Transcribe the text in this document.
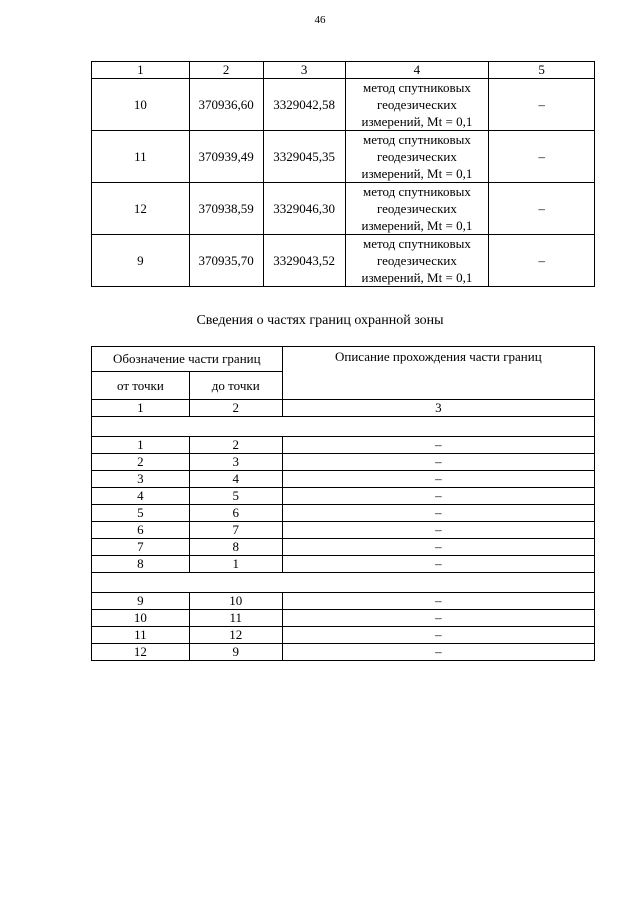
46
1	2	3	4	5
10	370936,60	3329042,58	метод спутниковых геодезических измерений, Mt = 0,1	–
11	370939,49	3329045,35	метод спутниковых геодезических измерений, Mt = 0,1	–
12	370938,59	3329046,30	метод спутниковых геодезических измерений, Mt = 0,1	–
9	370935,70	3329043,52	метод спутниковых геодезических измерений, Mt = 0,1	–
Сведения о частях границ охранной зоны
Обозначение части границ		Описание прохождения части границ
от точки	до точки	
1	2	3

1	2	–
2	3	–
3	4	–
4	5	–
5	6	–
6	7	–
7	8	–
8	1	–

9	10	–
10	11	–
11	12	–
12	9	–
